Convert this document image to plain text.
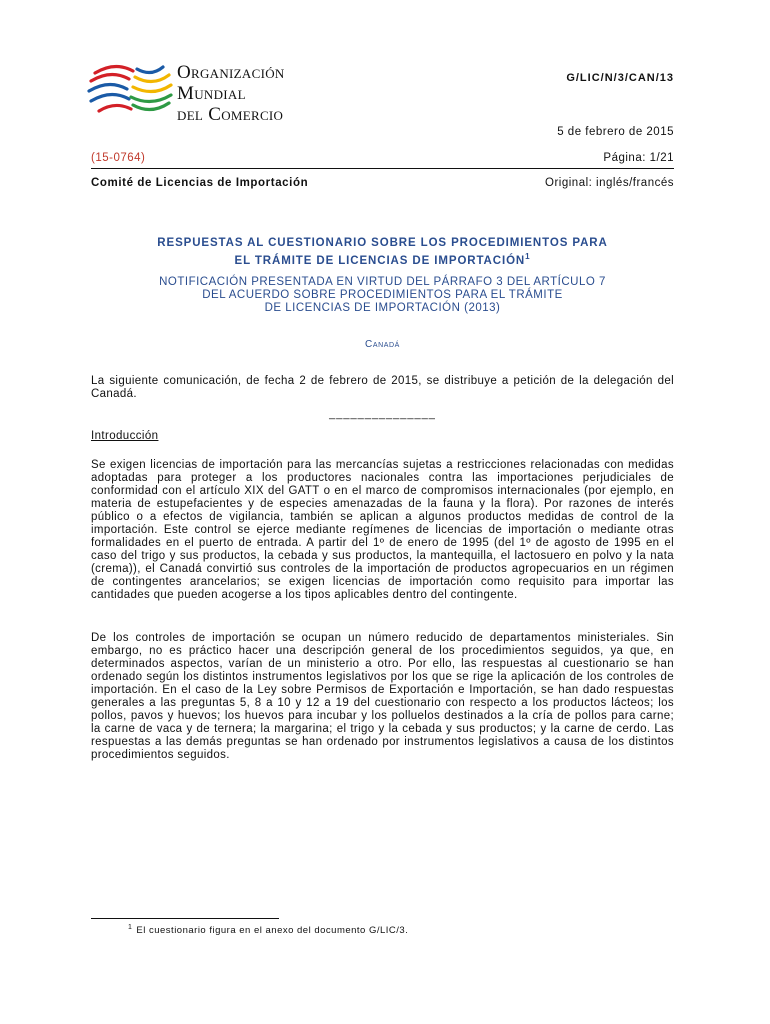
Organización
Mundial
del Comercio
G/LIC/N/3/CAN/13
5 de febrero de 2015
(15-0764)	Página: 1/21
Comité de Licencias de Importación	Original: inglés/francés
RESPUESTAS AL CUESTIONARIO SOBRE LOS PROCEDIMIENTOS PARA
EL TRÁMITE DE LICENCIAS DE IMPORTACIÓN$^1$
NOTIFICACIÓN PRESENTADA EN VIRTUD DEL PÁRRAFO 3 DEL ARTÍCULO 7
DEL ACUERDO SOBRE PROCEDIMIENTOS PARA EL TRÁMITE
DE LICENCIAS DE IMPORTACIÓN (2013)
Canadá
La siguiente comunicación, de fecha 2 de febrero de 2015, se distribuye a petición de la delegación del Canadá.
_______________
Introducción
Se exigen licencias de importación para las mercancías sujetas a restricciones relacionadas con medidas adoptadas para proteger a los productores nacionales contra las importaciones perjudiciales de conformidad con el artículo XIX del GATT o en el marco de compromisos internacionales (por ejemplo, en materia de estupefacientes y de especies amenazadas de la fauna y la flora). Por razones de interés público o a efectos de vigilancia, también se aplican a algunos productos medidas de control de la importación. Este control se ejerce mediante regímenes de licencias de importación o mediante otras formalidades en el puerto de entrada. A partir del 1º de enero de 1995 (del 1º de agosto de 1995 en el caso del trigo y sus productos, la cebada y sus productos, la mantequilla, el lactosuero en polvo y la nata (crema)), el Canadá convirtió sus controles de la importación de productos agropecuarios en un régimen de contingentes arancelarios; se exigen licencias de importación como requisito para importar las cantidades que pueden acogerse a los tipos aplicables dentro del contingente.
De los controles de importación se ocupan un número reducido de departamentos ministeriales. Sin embargo, no es práctico hacer una descripción general de los procedimientos seguidos, ya que, en determinados aspectos, varían de un ministerio a otro. Por ello, las respuestas al cuestionario se han ordenado según los distintos instrumentos legislativos por los que se rige la aplicación de los controles de importación. En el caso de la Ley sobre Permisos de Exportación e Importación, se han dado respuestas generales a las preguntas 5, 8 a 10 y 12 a 19 del cuestionario con respecto a los productos lácteos; los pollos, pavos y huevos; los huevos para incubar y los polluelos destinados a la cría de pollos para carne; la carne de vaca y de ternera; la margarina; el trigo y la cebada y sus productos; y la carne de cerdo. Las respuestas a las demás preguntas se han ordenado por instrumentos legislativos a causa de los distintos procedimientos seguidos.
$^1$ El cuestionario figura en el anexo del documento G/LIC/3.
